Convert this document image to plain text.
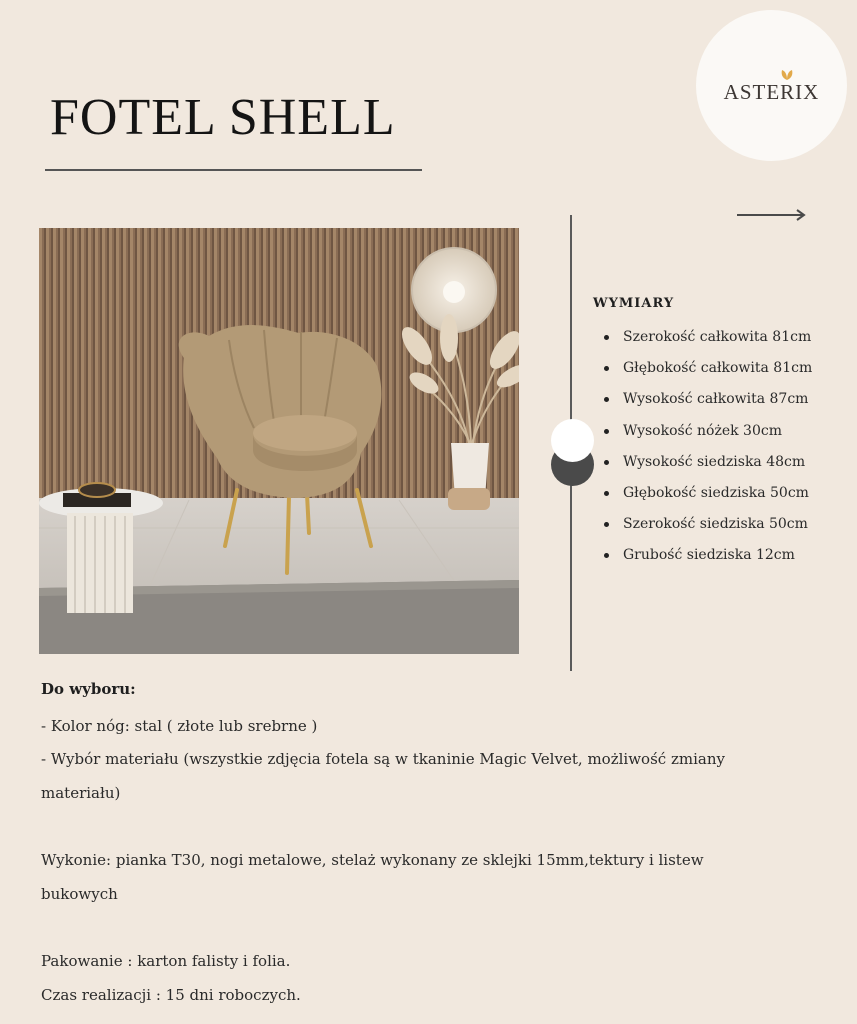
FOTEL SHELL	ASTERIX
WYMIARY
Szerokość całkowita 81cm
Głębokość całkowita 81cm
Wysokość całkowita 87cm
Wysokość nóżek 30cm
Wysokość siedziska 48cm
Głębokość siedziska 50cm
Szerokość siedziska 50cm
Grubość siedziska 12cm
Do wyboru:

- Kolor nóg: stal ( złote lub srebrne )

- Wybór materiału (wszystkie zdjęcia fotela są w tkaninie Magic Velvet, możliwość zmiany materiału)

Wykonie: pianka T30, nogi metalowe, stelaż wykonany ze sklejki 15mm,tektury i listew bukowych

Pakowanie : karton falisty i folia.

Czas realizacji : 15 dni roboczych.
